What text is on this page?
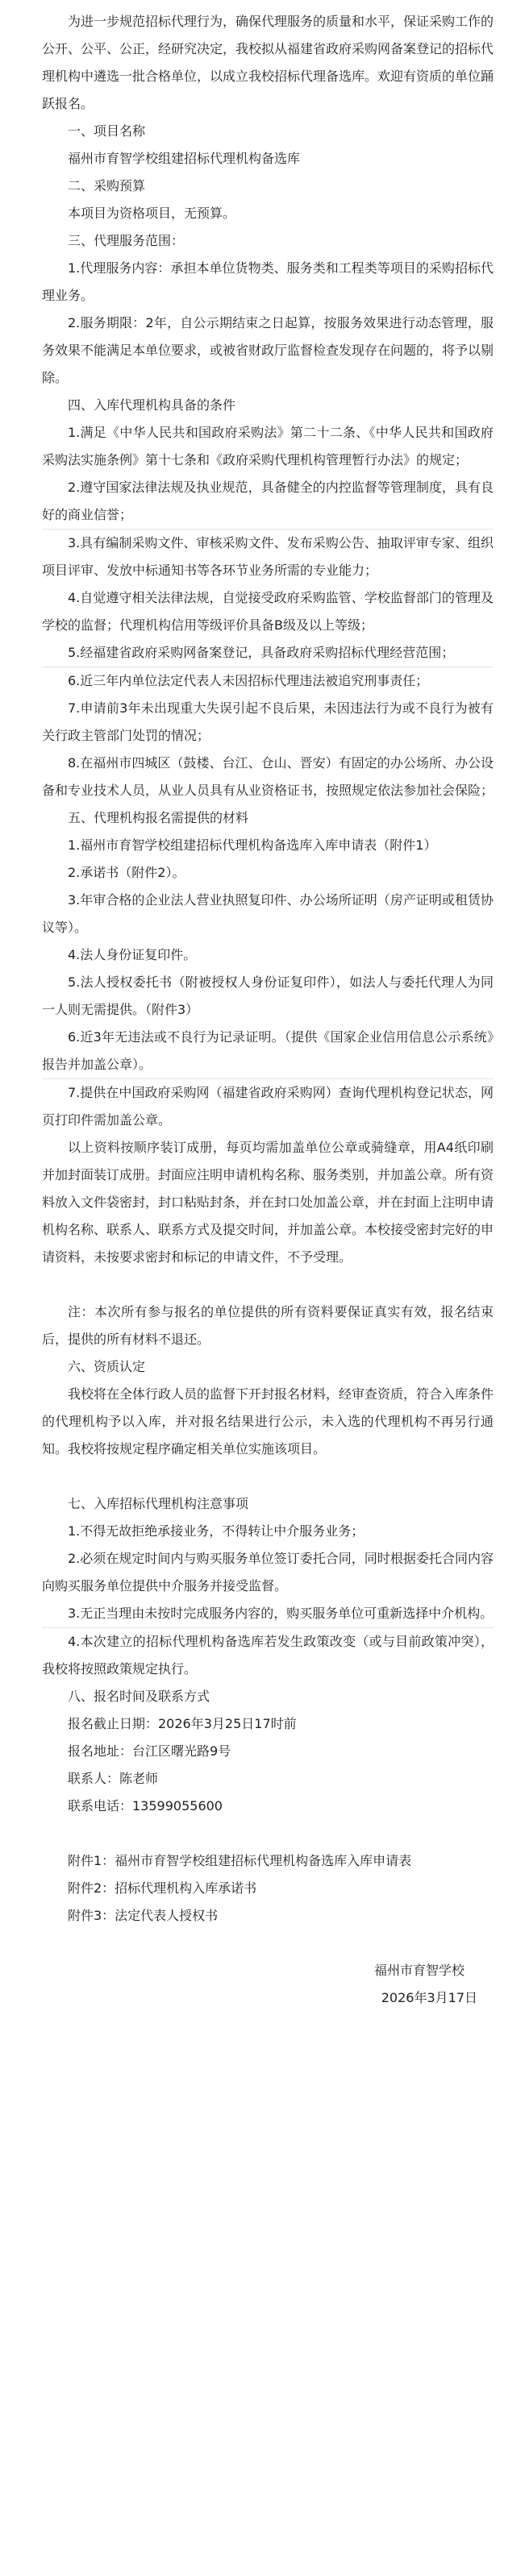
为进一步规范招标代理行为，确保代理服务的质量和水平，保证采购工作的公开、公平、公正，经研究决定，我校拟从福建省政府采购网备案登记的招标代理机构中遴选一批合格单位，以成立我校招标代理备选库。欢迎有资质的单位踊跃报名。

一、项目名称

福州市育智学校组建招标代理机构备选库

二、采购预算

本项目为资格项目，无预算。

三、代理服务范围：

1.代理服务内容：承担本单位货物类、服务类和工程类等项目的采购招标代理业务。

2.服务期限：2年，自公示期结束之日起算，按服务效果进行动态管理，服务效果不能满足本单位要求，或被省财政厅监督检查发现存在问题的，将予以剔除。

四、入库代理机构具备的条件

1.满足《中华人民共和国政府采购法》第二十二条、《中华人民共和国政府采购法实施条例》第十七条和《政府采购代理机构管理暂行办法》的规定；

2.遵守国家法律法规及执业规范，具备健全的内控监督等管理制度，具有良好的商业信誉；

3.具有编制采购文件、审核采购文件、发布采购公告、抽取评审专家、组织项目评审、发放中标通知书等各环节业务所需的专业能力；

4.自觉遵守相关法律法规，自觉接受政府采购监管、学校监督部门的管理及学校的监督；代理机构信用等级评价具备B级及以上等级；

5.经福建省政府采购网备案登记，具备政府采购招标代理经营范围；

6.近三年内单位法定代表人未因招标代理违法被追究刑事责任；

7.申请前3年未出现重大失误引起不良后果，未因违法行为或不良行为被有关行政主管部门处罚的情况；

8.在福州市四城区（鼓楼、台江、仓山、晋安）有固定的办公场所、办公设备和专业技术人员，从业人员具有从业资格证书，按照规定依法参加社会保险；

五、代理机构报名需提供的材料

1.福州市育智学校组建招标代理机构备选库入库申请表（附件1）

2.承诺书（附件2）。

3.年审合格的企业法人营业执照复印件、办公场所证明（房产证明或租赁协议等）。

4.法人身份证复印件。

5.法人授权委托书（附被授权人身份证复印件），如法人与委托代理人为同一人则无需提供。（附件3）

6.近3年无违法或不良行为记录证明。（提供《国家企业信用信息公示系统》报告并加盖公章）。

7.提供在中国政府采购网（福建省政府采购网）查询代理机构登记状态，网页打印件需加盖公章。

以上资料按顺序装订成册，每页均需加盖单位公章或骑缝章，用A4纸印刷并加封面装订成册。封面应注明申请机构名称、服务类别，并加盖公章。所有资料放入文件袋密封，封口粘贴封条，并在封口处加盖公章，并在封面上注明申请机构名称、联系人、联系方式及提交时间，并加盖公章。本校接受密封完好的申请资料，未按要求密封和标记的申请文件，不予受理。

注：本次所有参与报名的单位提供的所有资料要保证真实有效，报名结束后，提供的所有材料不退还。

六、资质认定

我校将在全体行政人员的监督下开封报名材料，经审查资质，符合入库条件的代理机构予以入库，并对报名结果进行公示，未入选的代理机构不再另行通知。我校将按规定程序确定相关单位实施该项目。

七、入库招标代理机构注意事项

1.不得无故拒绝承接业务，不得转让中介服务业务；

2.必须在规定时间内与购买服务单位签订委托合同，同时根据委托合同内容向购买服务单位提供中介服务并接受监督。

3.无正当理由未按时完成服务内容的，购买服务单位可重新选择中介机构。

4.本次建立的招标代理机构备选库若发生政策改变（或与目前政策冲突），我校将按照政策规定执行。

八、报名时间及联系方式

报名截止日期：2026年3月25日17时前

报名地址：台江区曙光路9号

联系人：陈老师

联系电话：13599055600

附件1：福州市育智学校组建招标代理机构备选库入库申请表

附件2：招标代理机构入库承诺书

附件3：法定代表人授权书

福州市育智学校

2026年3月17日
